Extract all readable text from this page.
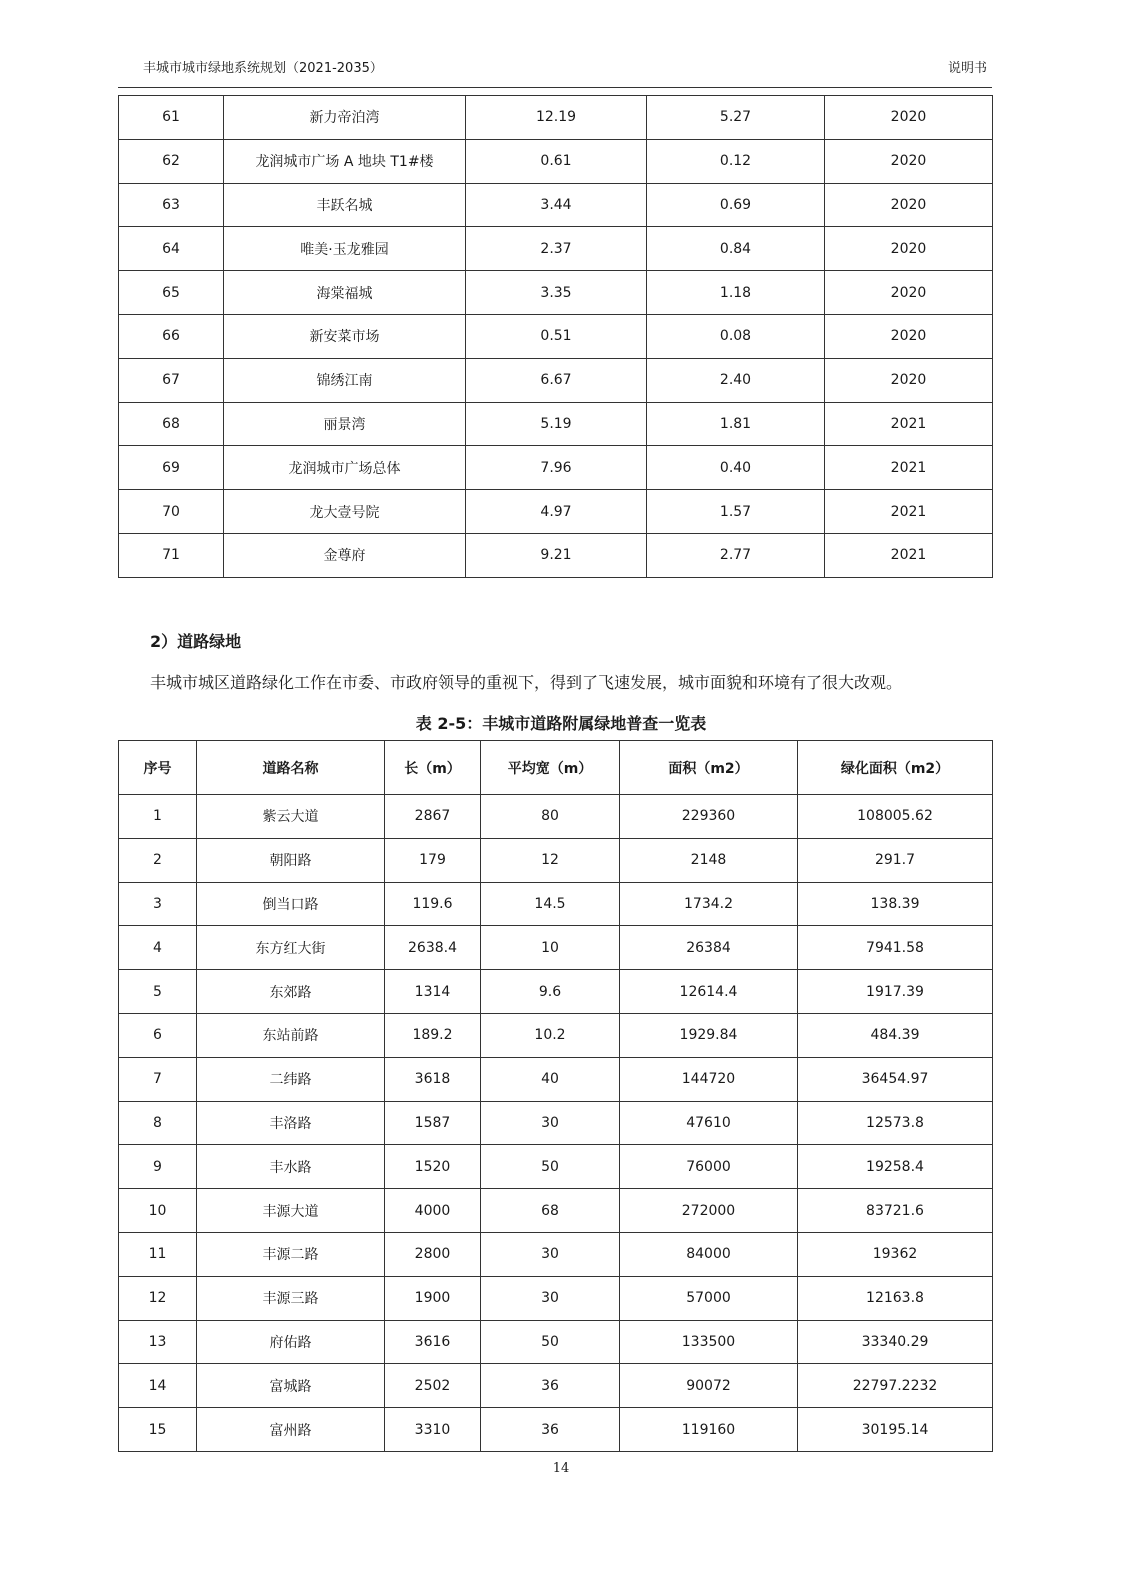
丰城市城市绿地系统规划（2021-2035）	说明书
61	新力帝泊湾	12.19	5.27	2020
62	龙润城市广场 A 地块 T1#楼	0.61	0.12	2020
63	丰跃名城	3.44	0.69	2020
64	唯美·玉龙雅园	2.37	0.84	2020
65	海棠福城	3.35	1.18	2020
66	新安菜市场	0.51	0.08	2020
67	锦绣江南	6.67	2.40	2020
68	丽景湾	5.19	1.81	2021
69	龙润城市广场总体	7.96	0.40	2021
70	龙大壹号院	4.97	1.57	2021
71	金尊府	9.21	2.77	2021
2）道路绿地
丰城市城区道路绿化工作在市委、市政府领导的重视下，得到了飞速发展，城市面貌和环境有了很大改观。
表 2-5：丰城市道路附属绿地普查一览表
序号	道路名称	长（m）	平均宽（m）	面积（m2）	绿化面积（m2）
1	紫云大道	2867	80	229360	108005.62
2	朝阳路	179	12	2148	291.7
3	倒当口路	119.6	14.5	1734.2	138.39
4	东方红大街	2638.4	10	26384	7941.58
5	东郊路	1314	9.6	12614.4	1917.39
6	东站前路	189.2	10.2	1929.84	484.39
7	二纬路	3618	40	144720	36454.97
8	丰洛路	1587	30	47610	12573.8
9	丰水路	1520	50	76000	19258.4
10	丰源大道	4000	68	272000	83721.6
11	丰源二路	2800	30	84000	19362
12	丰源三路	1900	30	57000	12163.8
13	府佑路	3616	50	133500	33340.29
14	富城路	2502	36	90072	22797.2232
15	富州路	3310	36	119160	30195.14
14
